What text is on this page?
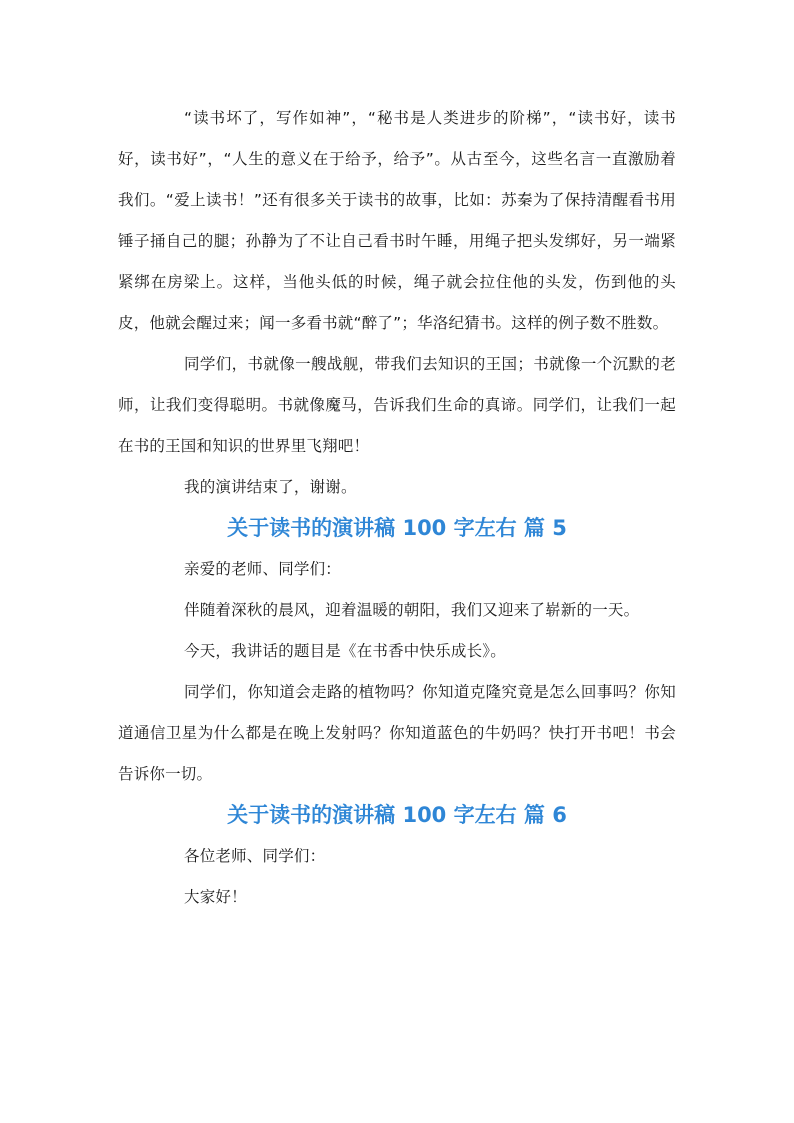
“读书坏了，写作如神”，“秘书是人类进步的阶梯”，“读书好，读书好，读书好”，“人生的意义在于给予，给予”。从古至今，这些名言一直激励着我们。“爱上读书！”还有很多关于读书的故事，比如：苏秦为了保持清醒看书用锤子捅自己的腿；孙静为了不让自己看书时午睡，用绳子把头发绑好，另一端紧紧绑在房梁上。这样，当他头低的时候，绳子就会拉住他的头发，伤到他的头皮，他就会醒过来；闻一多看书就“醉了”；华洛纪猜书。这样的例子数不胜数。

同学们，书就像一艘战舰，带我们去知识的王国；书就像一个沉默的老师，让我们变得聪明。书就像魔马，告诉我们生命的真谛。同学们，让我们一起在书的王国和知识的世界里飞翔吧！

我的演讲结束了，谢谢。

关于读书的演讲稿 100 字左右 篇 5

亲爱的老师、同学们：

伴随着深秋的晨风，迎着温暖的朝阳，我们又迎来了崭新的一天。

今天，我讲话的题目是《在书香中快乐成长》。

同学们，你知道会走路的植物吗？你知道克隆究竟是怎么回事吗？你知道通信卫星为什么都是在晚上发射吗？你知道蓝色的牛奶吗？快打开书吧！书会告诉你一切。

关于读书的演讲稿 100 字左右 篇 6

各位老师、同学们：

大家好！
